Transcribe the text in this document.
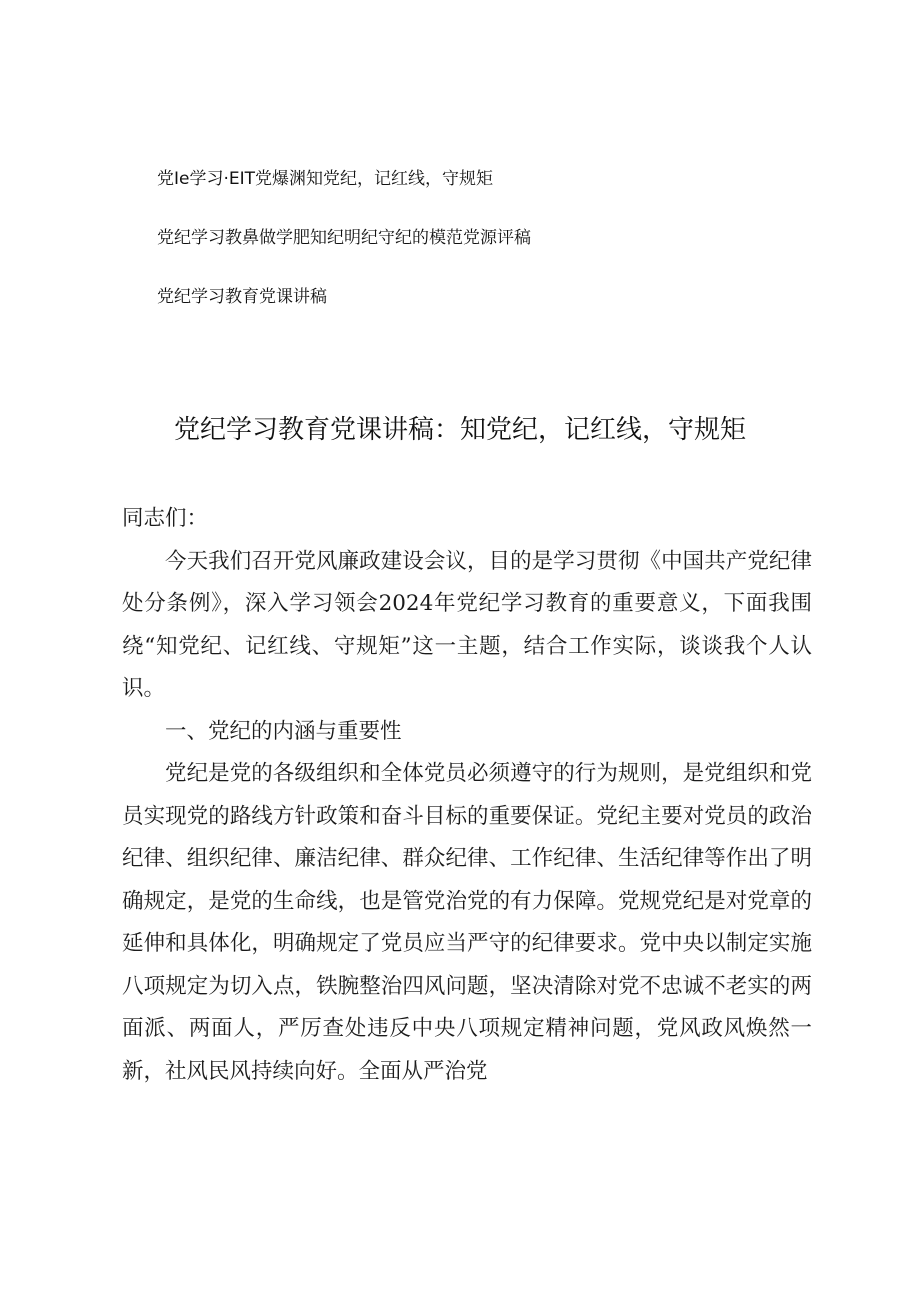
党Ie学习·EIT党爆渊知党纪，记红线，守规矩
党纪学习教鼻做学肥知纪明纪守纪的模范党源评稿
党纪学习教育党课讲稿
党纪学习教育党课讲稿：知党纪，记红线，守规矩

同志们：

今天我们召开党风廉政建设会议，目的是学习贯彻《中国共产党纪律处分条例》，深入学习领会2024年党纪学习教育的重要意义，下面我围绕“知党纪、记红线、守规矩”这一主题，结合工作实际，谈谈我个人认识。

一、党纪的内涵与重要性

党纪是党的各级组织和全体党员必须遵守的行为规则，是党组织和党员实现党的路线方针政策和奋斗目标的重要保证。党纪主要对党员的政治纪律、组织纪律、廉洁纪律、群众纪律、工作纪律、生活纪律等作出了明确规定，是党的生命线，也是管党治党的有力保障。党规党纪是对党章的延伸和具体化，明确规定了党员应当严守的纪律要求。党中央以制定实施八项规定为切入点，铁腕整治四风问题，坚决清除对党不忠诚不老实的两面派、两面人，严厉查处违反中央八项规定精神问题，党风政风焕然一新，社风民风持续向好。全面从严治党
